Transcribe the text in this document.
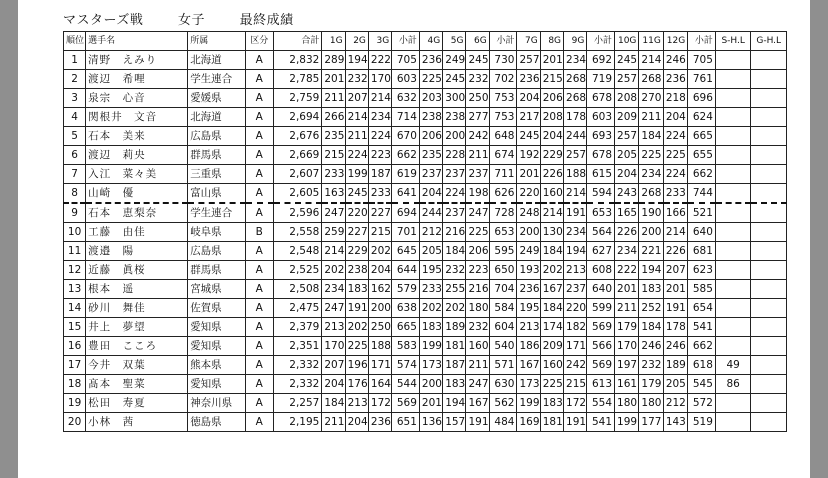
マスターズ戦	女子	最終成績
順位	選手名	所属	区分	合計	1G	2G	3G	小計	4G	5G	6G	小計	7G	8G	9G	小計	10G	11G	12G	小計	S-H.L	G-H.L
1	清野　えみり	北海道	A	2,832	289	194	222	705	236	249	245	730	257	201	234	692	245	214	246	705		
2	渡辺　希哩	学生連合	A	2,785	201	232	170	603	225	245	232	702	236	215	268	719	257	268	236	761		
3	泉宗　心音	愛媛県	A	2,759	211	207	214	632	203	300	250	753	204	206	268	678	208	270	218	696		
4	関根井　文音	北海道	A	2,694	266	214	234	714	238	238	277	753	217	208	178	603	209	211	204	624		
5	石本　美来	広島県	A	2,676	235	211	224	670	206	200	242	648	245	204	244	693	257	184	224	665		
6	渡辺　莉央	群馬県	A	2,669	215	224	223	662	235	228	211	674	192	229	257	678	205	225	225	655		
7	入江　菜々美	三重県	A	2,607	233	199	187	619	237	237	237	711	201	226	188	615	204	234	224	662		
8	山崎　優	富山県	A	2,605	163	245	233	641	204	224	198	626	220	160	214	594	243	268	233	744		
9	石本　恵梨奈	学生連合	A	2,596	247	220	227	694	244	237	247	728	248	214	191	653	165	190	166	521		
10	工藤　由佳	岐阜県	B	2,558	259	227	215	701	212	216	225	653	200	130	234	564	226	200	214	640		
11	渡邉　陽	広島県	A	2,548	214	229	202	645	205	184	206	595	249	184	194	627	234	221	226	681		
12	近藤　眞桜	群馬県	A	2,525	202	238	204	644	195	232	223	650	193	202	213	608	222	194	207	623		
13	根本　遥	宮城県	A	2,508	234	183	162	579	233	255	216	704	236	167	237	640	201	183	201	585		
14	砂川　舞佳	佐賀県	A	2,475	247	191	200	638	202	202	180	584	195	184	220	599	211	252	191	654		
15	井上　夢望	愛知県	A	2,379	213	202	250	665	183	189	232	604	213	174	182	569	179	184	178	541		
16	豊田　こころ	愛知県	A	2,351	170	225	188	583	199	181	160	540	186	209	171	566	170	246	246	662		
17	今井　双葉	熊本県	A	2,332	207	196	171	574	173	187	211	571	167	160	242	569	197	232	189	618	49	
18	髙本　聖菜	愛知県	A	2,332	204	176	164	544	200	183	247	630	173	225	215	613	161	179	205	545	86	
19	松田　寿夏	神奈川県	A	2,257	184	213	172	569	201	194	167	562	199	183	172	554	180	180	212	572		
20	小林　茜	徳島県	A	2,195	211	204	236	651	136	157	191	484	169	181	191	541	199	177	143	519		
